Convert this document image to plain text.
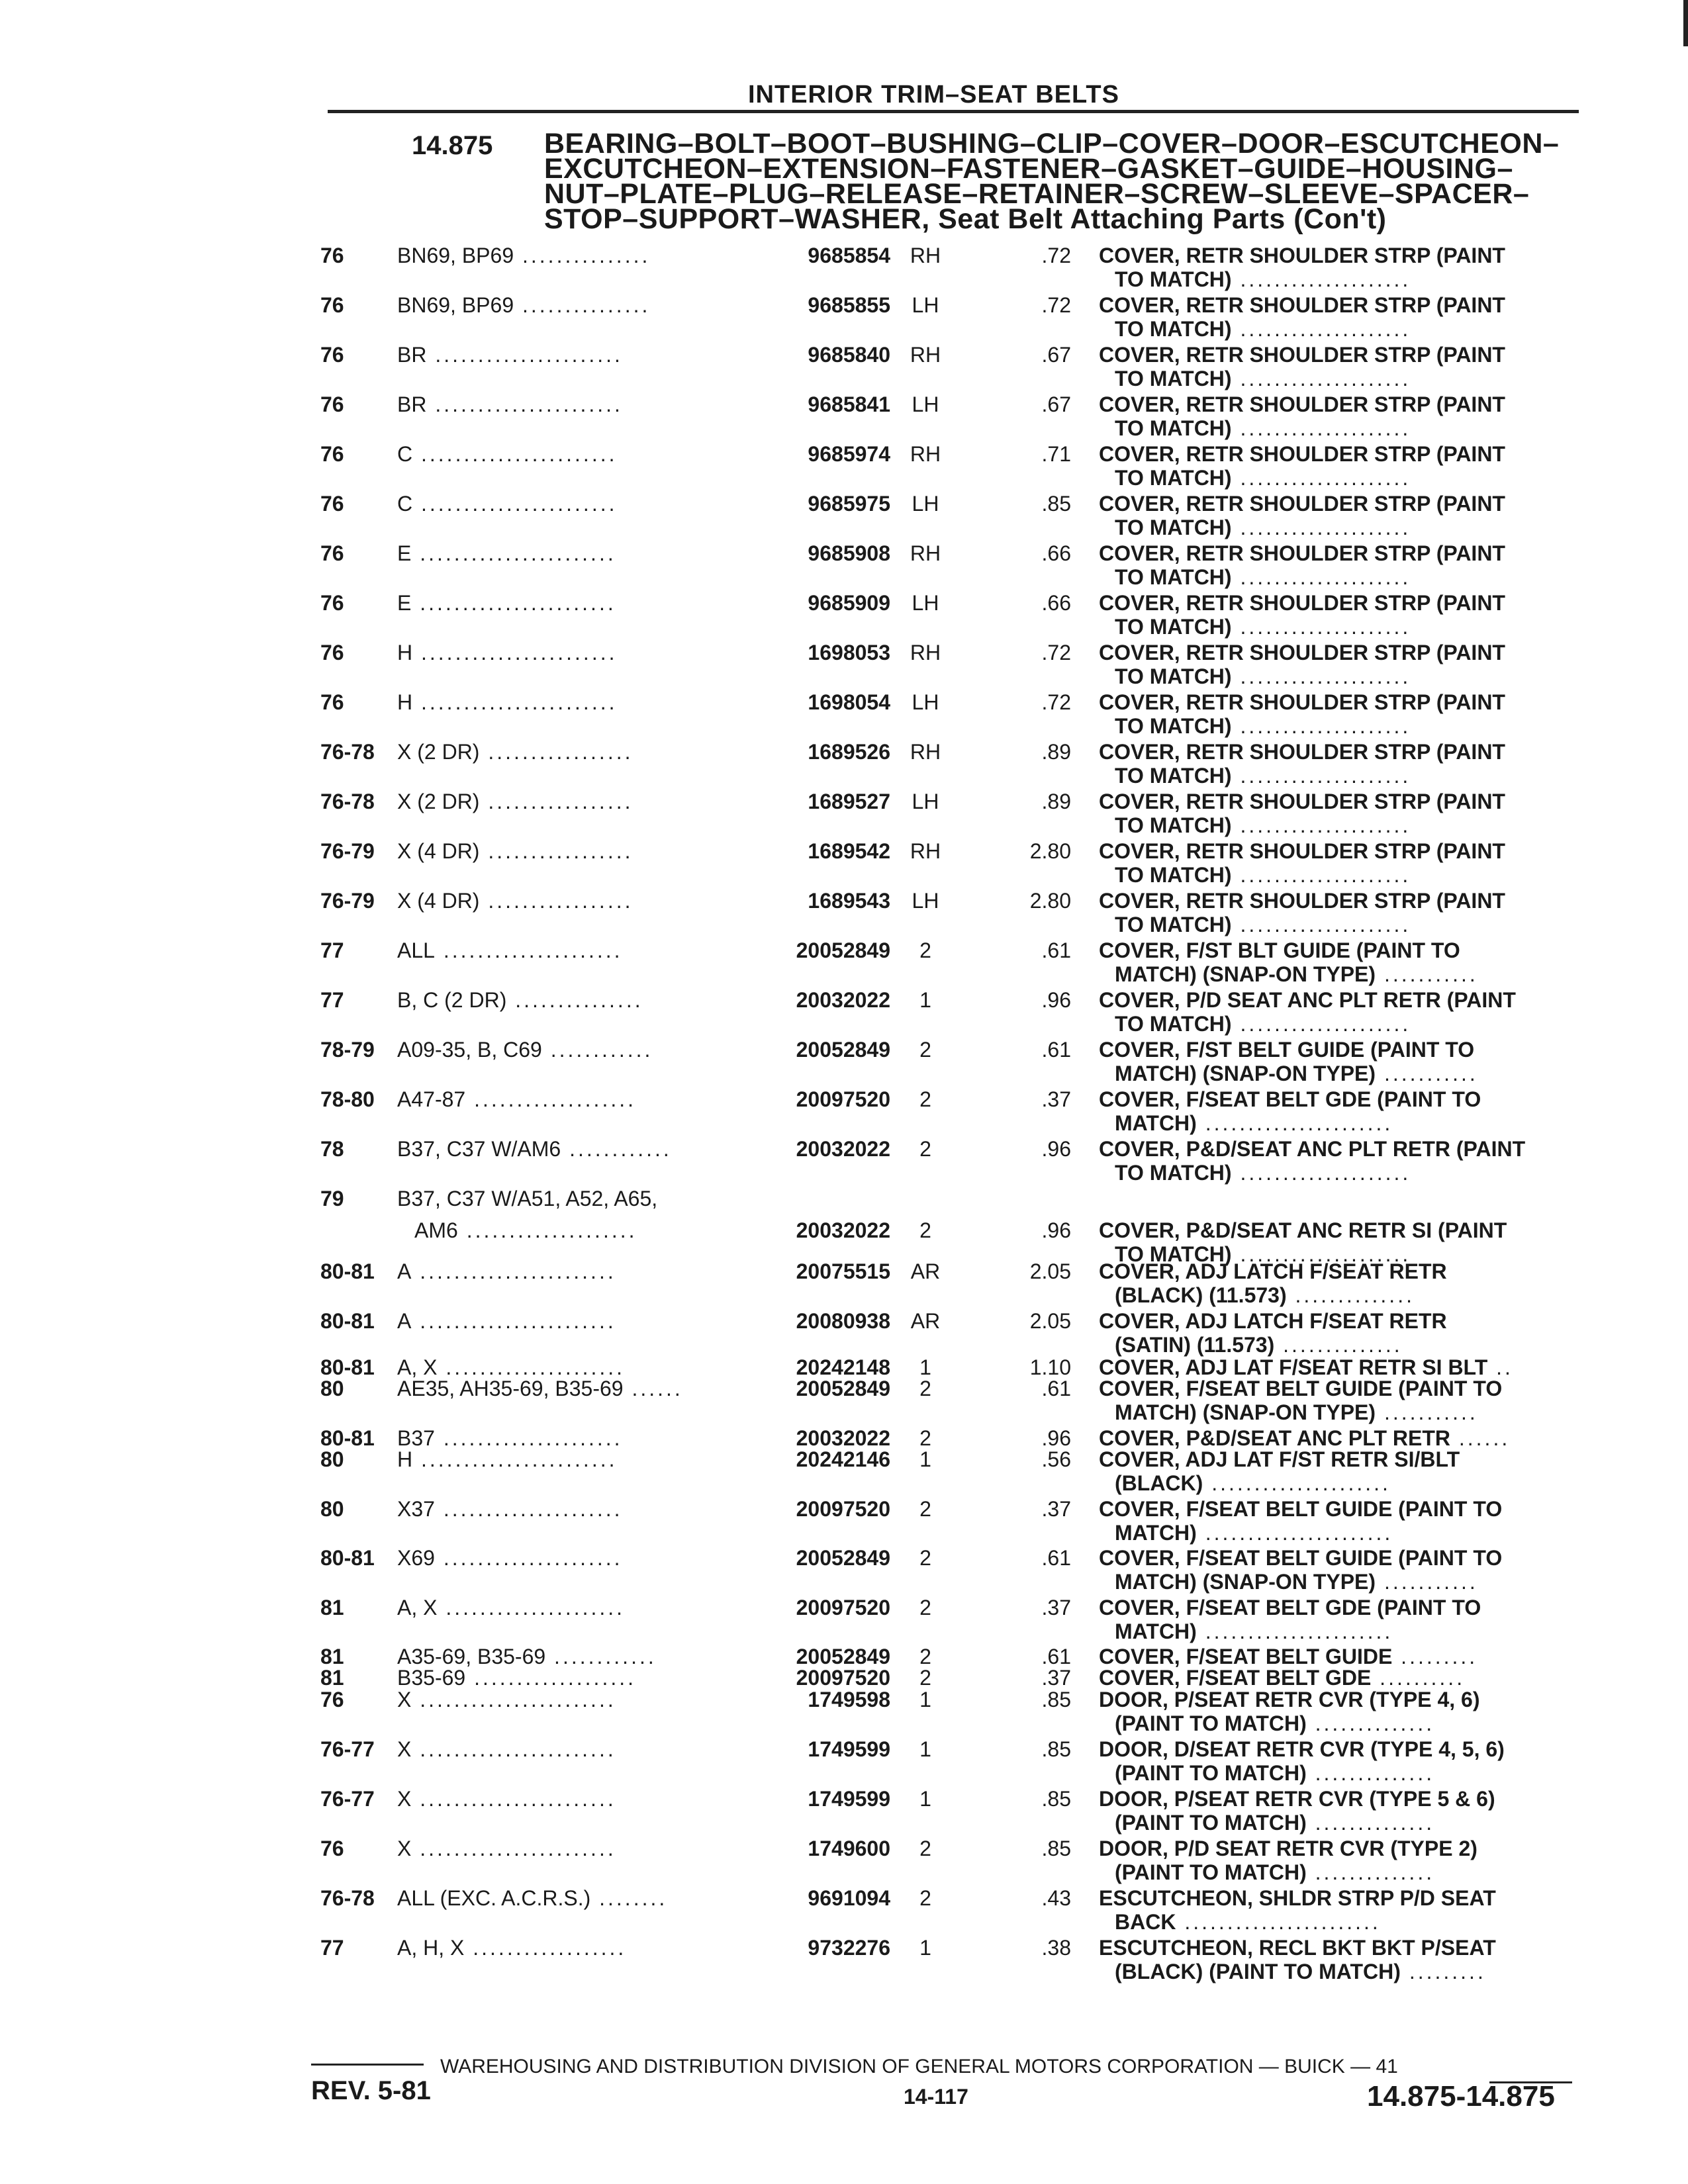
INTERIOR TRIM–SEAT BELTS
14.875 BEARING–BOLT–BOOT–BUSHING–CLIP–COVER–DOOR–ESCUTCHEON–
EXCUTCHEON–EXTENSION–FASTENER–GASKET–GUIDE–HOUSING–
NUT–PLATE–PLUG–RELEASE–RETAINER–SCREW–SLEEVE–SPACER–
STOP–SUPPORT–WASHER, Seat Belt Attaching Parts (Con't)
76	BN69, BP69 ...............	9685854 RH	.72 COVER, RETR SHOULDER STRP (PAINT
TO MATCH) ....................
76	BN69, BP69 ...............	9685855	LH	.72 COVER, RETR SHOULDER STRP (PAINT
TO MATCH) ....................
76	BR ......................	9685840 RH	.67 COVER, RETR SHOULDER STRP (PAINT
TO MATCH) ....................
76	BR ......................	9685841	LH	.67 COVER, RETR SHOULDER STRP (PAINT
TO MATCH) ....................
76	C .......................	9685974 RH	.71 COVER, RETR SHOULDER STRP (PAINT
TO MATCH) ....................
76	C .......................	9685975	LH	.85 COVER, RETR SHOULDER STRP (PAINT
TO MATCH) ....................
76	E .......................	9685908 RH	.66 COVER, RETR SHOULDER STRP (PAINT
TO MATCH) ....................
76	E .......................	9685909	LH	.66 COVER, RETR SHOULDER STRP (PAINT
TO MATCH) ....................
76	H .......................	1698053 RH	.72 COVER, RETR SHOULDER STRP (PAINT
TO MATCH) ....................
76	H .......................	1698054	LH	.72 COVER, RETR SHOULDER STRP (PAINT
TO MATCH) ....................
76-78 X (2 DR) .................	1689526 RH	.89 COVER, RETR SHOULDER STRP (PAINT
TO MATCH) ....................
76-78 X (2 DR) .................	1689527	LH	.89 COVER, RETR SHOULDER STRP (PAINT
TO MATCH) ....................
76-79 X (4 DR) .................	1689542 RH	2.80 COVER, RETR SHOULDER STRP (PAINT
TO MATCH) ....................
76-79 X (4 DR) .................	1689543	LH	2.80 COVER, RETR SHOULDER STRP (PAINT
TO MATCH) ....................
77	ALL .....................	20052849	2	.61 COVER, F/ST BLT GUIDE (PAINT TO
MATCH) (SNAP-ON TYPE) ...........
77	B, C (2 DR) ...............	20032022	1	.96 COVER, P/D SEAT ANC PLT RETR (PAINT
TO MATCH) ....................
78-79 A09-35, B, C69 ............	20052849	2	.61 COVER, F/ST BELT GUIDE (PAINT TO
MATCH) (SNAP-ON TYPE) ...........
78-80 A47-87 ...................	20097520	2	.37 COVER, F/SEAT BELT GDE (PAINT TO
MATCH) ......................
78	B37, C37 W/AM6 ............	20032022	2	.96 COVER, P&D/SEAT ANC PLT RETR (PAINT
TO MATCH) ....................
79	B37, C37 W/A51, A52, A65,
AM6 ....................	20032022	2	.96 COVER, P&D/SEAT ANC RETR SI (PAINT
TO MATCH) ....................
80-81 A .......................	20075515 AR	2.05 COVER, ADJ LATCH F/SEAT RETR
(BLACK) (11.573) ..............
80-81 A .......................	20080938 AR	2.05 COVER, ADJ LATCH F/SEAT RETR
(SATIN) (11.573) ..............
80-81 A, X .....................	20242148	1	1.10 COVER, ADJ LAT F/SEAT RETR SI BLT ..
80	AE35, AH35-69, B35-69 ......	20052849	2	.61 COVER, F/SEAT BELT GUIDE (PAINT TO
MATCH) (SNAP-ON TYPE) ...........
80-81 B37 .....................	20032022	2	.96 COVER, P&D/SEAT ANC PLT RETR ......
80	H .......................	20242146	1	.56 COVER, ADJ LAT F/ST RETR SI/BLT
(BLACK) .....................
80	X37 .....................	20097520	2	.37 COVER, F/SEAT BELT GUIDE (PAINT TO
MATCH) ......................
80-81 X69 .....................	20052849	2	.61 COVER, F/SEAT BELT GUIDE (PAINT TO
MATCH) (SNAP-ON TYPE) ...........
81	A, X .....................	20097520	2	.37 COVER, F/SEAT BELT GDE (PAINT TO
MATCH) ......................
81	A35-69, B35-69 ............	20052849	2	.61 COVER, F/SEAT BELT GUIDE .........
81	B35-69 ...................	20097520	2	.37 COVER, F/SEAT BELT GDE ..........
76	X .......................	1749598	1	.85 DOOR, P/SEAT RETR CVR (TYPE 4, 6)
(PAINT TO MATCH) ..............
76-77 X .......................	1749599	1	.85 DOOR, D/SEAT RETR CVR (TYPE 4, 5, 6)
(PAINT TO MATCH) ..............
76-77 X .......................	1749599	1	.85 DOOR, P/SEAT RETR CVR (TYPE 5 & 6)
(PAINT TO MATCH) ..............
76	X .......................	1749600	2	.85 DOOR, P/D SEAT RETR CVR (TYPE 2)
(PAINT TO MATCH) ..............
76-78 ALL (EXC. A.C.R.S.) ........	9691094	2	.43 ESCUTCHEON, SHLDR STRP P/D SEAT
BACK .......................
77	A, H, X ..................	9732276	1	.38 ESCUTCHEON, RECL BKT BKT P/SEAT
(BLACK) (PAINT TO MATCH) .........
WAREHOUSING AND DISTRIBUTION DIVISION OF GENERAL MOTORS CORPORATION — BUICK — 41
REV. 5-81	14-117	14.875-14.875
